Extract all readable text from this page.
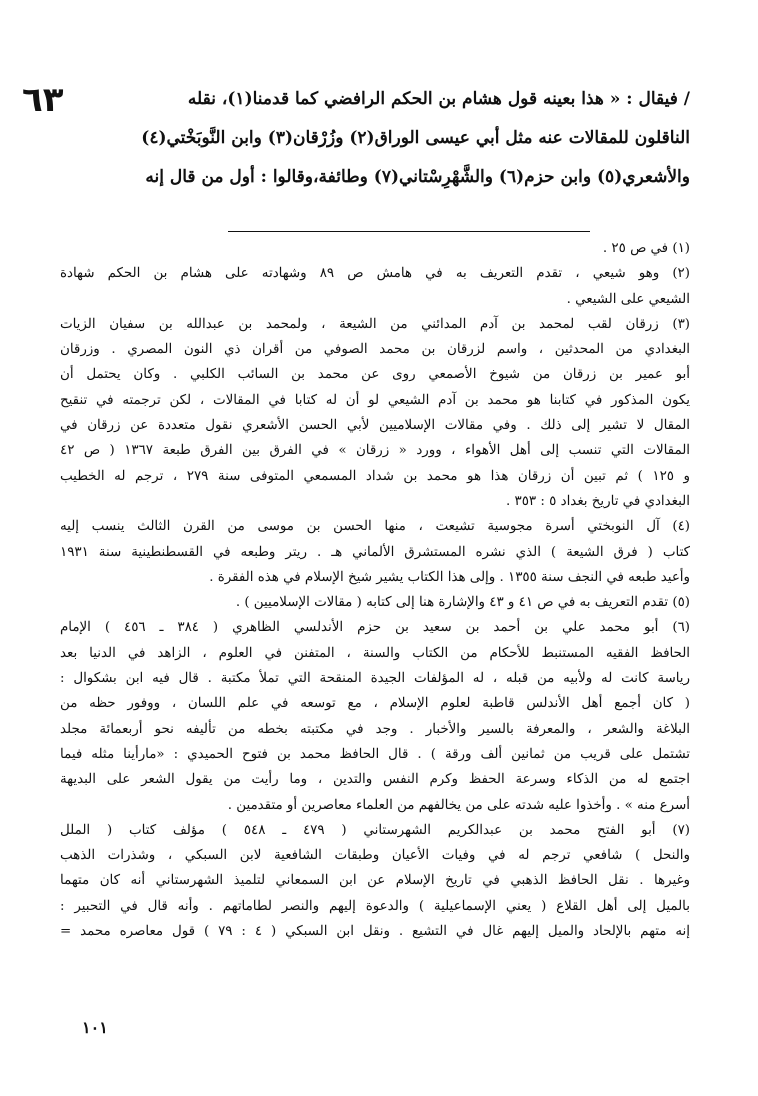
٦٣	/ فيقال : « هذا بعينه قول هشام بن الحكم الرافضي كما قدمنا(١)، نقله
الناقلون للمقالات عنه مثل أبي عيسى الوراق(٢) وزُرْقان(٣) وابن النَّوبَخْتي(٤)
والأشعري(٥) وابن حزم(٦) والشَّهْرِسْتاني(٧) وطائفة،وقالوا : أول من قال إنه
(١) في ص ٢٥ .
(٢) وهو شيعي ، تقدم التعريف به في هامش ص ٨٩ وشهادته على هشام بن الحكم شهادة
الشيعي على الشيعي .
(٣) زرقان لقب لمحمد بن آدم المدائني من الشيعة ، ولمحمد بن عبدالله بن سفيان الزيات
البغدادي من المحدثين ، واسم لزرقان بن محمد الصوفي من أقران ذي النون المصري . وزرقان
أبو عمير بن زرقان من شيوخ الأصمعي روى عن محمد بن السائب الكلبي . وكان يحتمل أن
يكون المذكور في كتابنا هو محمد بن آدم الشيعي لو أن له كتابا في المقالات ، لكن ترجمته في تنقيح
المقال لا تشير إلى ذلك . وفي مقالات الإسلاميين لأبي الحسن الأشعري نقول متعددة عن زرقان في
المقالات التي تنسب إلى أهل الأهواء ، وورد « زرقان » في الفرق بين الفرق طبعة ١٣٦٧ ( ص ٤٢
و ١٢٥ ) ثم تبين أن زرقان هذا هو محمد بن شداد المسمعي المتوفى سنة ٢٧٩ ، ترجم له الخطيب
البغدادي في تاريخ بغداد ٥ : ٣٥٣ .
(٤) آل النوبختي أسرة مجوسية تشيعت ، منها الحسن بن موسى من القرن الثالث ينسب إليه
كتاب ( فرق الشيعة ) الذي نشره المستشرق الألماني هـ . ريتر وطبعه في القسطنطينية سنة ١٩٣١
وأعيد طبعه في النجف سنة ١٣٥٥ . وإلى هذا الكتاب يشير شيخ الإسلام في هذه الفقرة .
(٥) تقدم التعريف به في ص ٤١ و ٤٣ والإشارة هنا إلى كتابه ( مقالات الإسلاميين ) .
(٦) أبو محمد علي بن أحمد بن سعيد بن حزم الأندلسي الظاهري ( ٣٨٤ ـ ٤٥٦ ) الإمام
الحافظ الفقيه المستنبط للأحكام من الكتاب والسنة ، المتفنن في العلوم ، الزاهد في الدنيا بعد
رياسة كانت له ولأبيه من قبله ، له المؤلفات الجيدة المنقحة التي تملأ مكتبة . قال فيه ابن بشكوال :
( كان أجمع أهل الأندلس قاطبة لعلوم الإسلام ، مع توسعه في علم اللسان ، ووفور حظه من
البلاغة والشعر ، والمعرفة بالسير والأخبار . وجد في مكتبته بخطه من تأليفه نحو أربعمائة مجلد
تشتمل على قريب من ثمانين ألف ورقة ) . قال الحافظ محمد بن فتوح الحميدي : «مارأينا مثله فيما
اجتمع له من الذكاء وسرعة الحفظ وكرم النفس والتدين ، وما رأيت من يقول الشعر على البديهة
أسرع منه » . وأخذوا عليه شدته على من يخالفهم من العلماء معاصرين أو متقدمين .
(٧) أبو الفتح محمد بن عبدالكريم الشهرستاني ( ٤٧٩ ـ ٥٤٨ ) مؤلف كتاب ( الملل
والنحل ) شافعي ترجم له في وفيات الأعيان وطبقات الشافعية لابن السبكي ، وشذرات الذهب
وغيرها . نقل الحافظ الذهبي في تاريخ الإسلام عن ابن السمعاني لتلميذ الشهرستاني أنه كان متهما
بالميل إلى أهل القلاع ( يعني الإسماعيلية ) والدعوة إليهم والنصر لطاماتهم . وأنه قال في التحبير :
إنه متهم بالإلحاد والميل إليهم غال في التشيع . ونقل ابن السبكي ( ٤ : ٧٩ ) قول معاصره محمد =
١٠١
